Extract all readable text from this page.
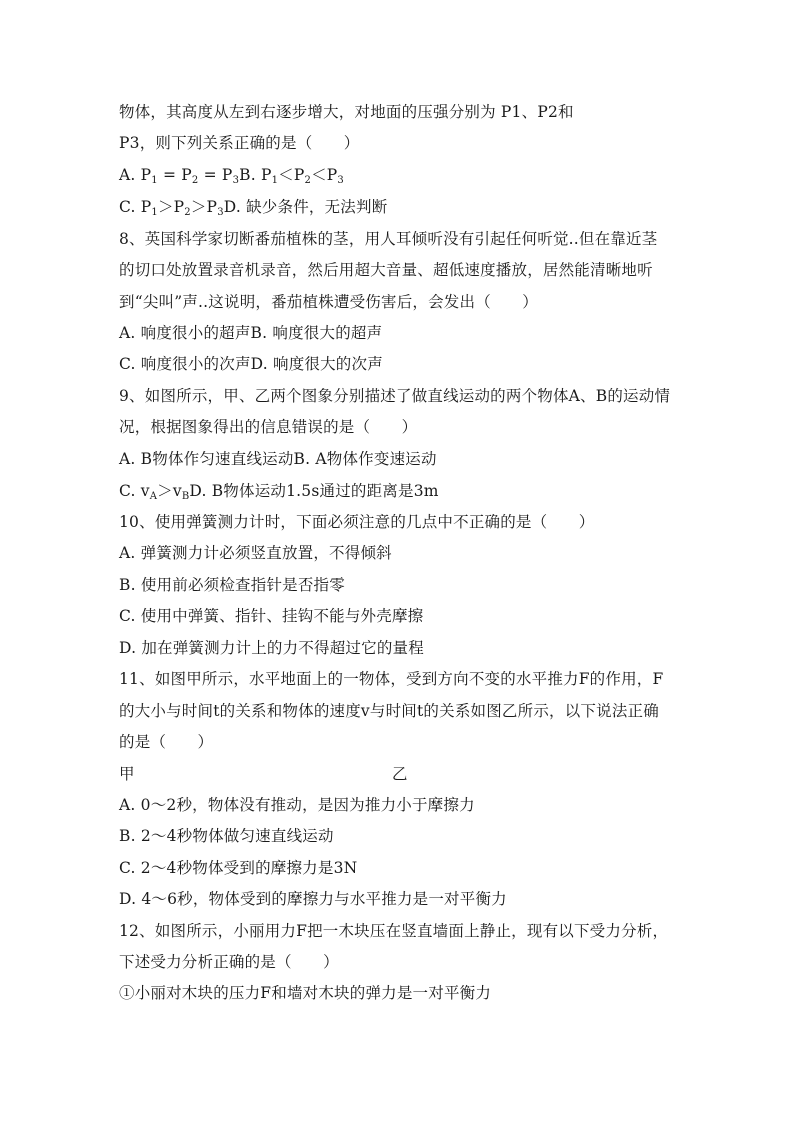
物体，其高度从左到右逐步增大，对地面的压强分别为 P1、P2和
P3，则下列关系正确的是（　　）
A. $P_1 = P_2 = P_3B$. $P_1<P_2<P_3$
C. $P_1>P_2>P_3D$. 缺少条件，无法判断
8、英国科学家切断番茄植株的茎，用人耳倾听没有引起任何听觉..但在靠近茎
的切口处放置录音机录音，然后用超大音量、超低速度播放，居然能清晰地听
到“尖叫”声..这说明，番茄植株遭受伤害后，会发出（　　）
A. 响度很小的超声B. 响度很大的超声
C. 响度很小的次声D. 响度很大的次声
9、如图所示，甲、乙两个图象分别描述了做直线运动的两个物体A、B的运动情
况，根据图象得出的信息错误的是（　　）
A. B物体作匀速直线运动B. A物体作变速运动
C. $v_A>v_BD$. B物体运动1.5s通过的距离是3m
10、使用弹簧测力计时，下面必须注意的几点中不正确的是（　　）
A. 弹簧测力计必须竖直放置，不得倾斜
B. 使用前必须检查指针是否指零
C. 使用中弹簧、指针、挂钩不能与外壳摩擦
D. 加在弹簧测力计上的力不得超过它的量程
11、如图甲所示，水平地面上的一物体，受到方向不变的水平推力F的作用，F
的大小与时间t的关系和物体的速度v与时间t的关系如图乙所示，以下说法正确
的是（　　）
甲	乙
A. 0～2秒，物体没有推动，是因为推力小于摩擦力
B. 2～4秒物体做匀速直线运动
C. 2～4秒物体受到的摩擦力是3N
D. 4～6秒，物体受到的摩擦力与水平推力是一对平衡力
12、如图所示，小丽用力F把一木块压在竖直墙面上静止，现有以下受力分析，
下述受力分析正确的是（　　）
①小丽对木块的压力F和墙对木块的弹力是一对平衡力
